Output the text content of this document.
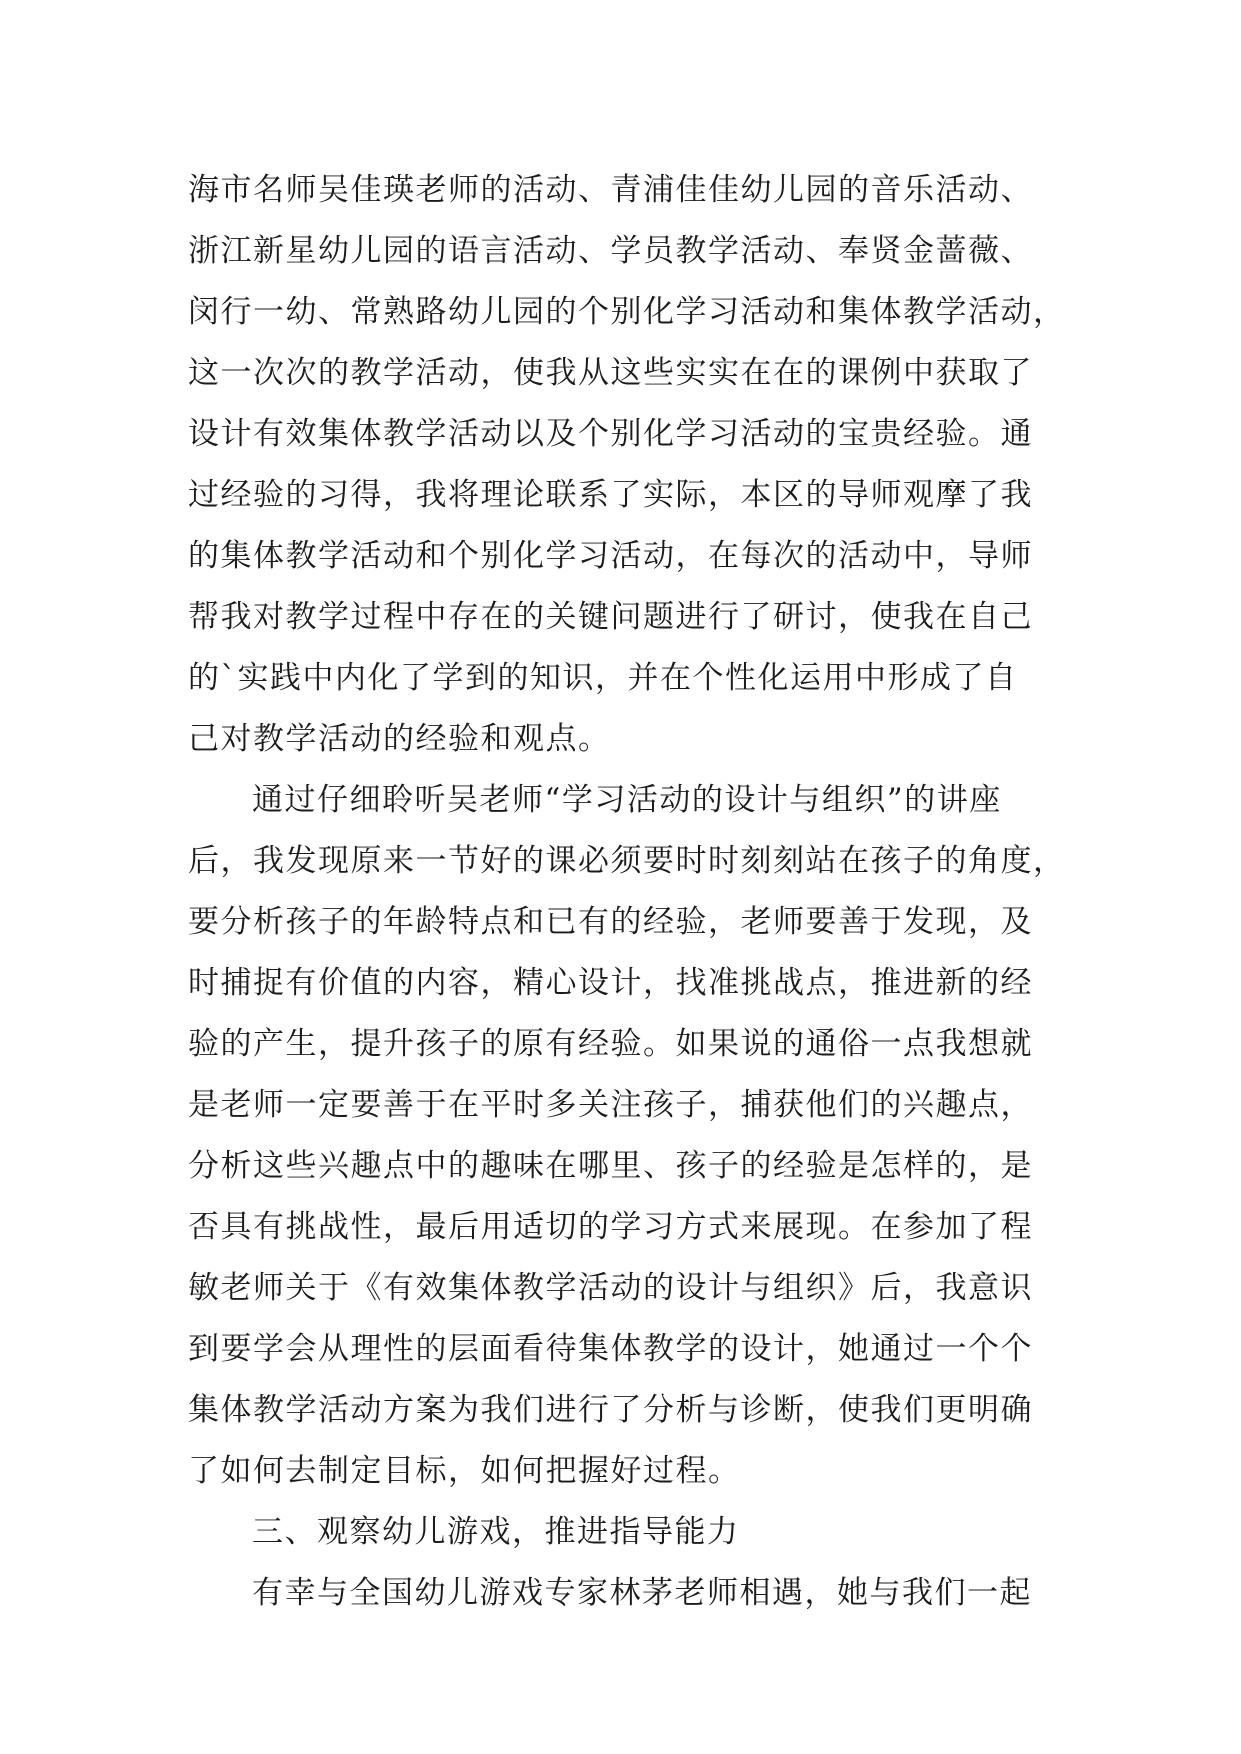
海市名师吴佳瑛老师的活动、青浦佳佳幼儿园的音乐活动、
浙江新星幼儿园的语言活动、学员教学活动、奉贤金蔷薇、
闵行一幼、常熟路幼儿园的个别化学习活动和集体教学活动，
这一次次的教学活动，使我从这些实实在在的课例中获取了
设计有效集体教学活动以及个别化学习活动的宝贵经验。通
过经验的习得，我将理论联系了实际，本区的导师观摩了我
的集体教学活动和个别化学习活动，在每次的活动中，导师
帮我对教学过程中存在的关键问题进行了研讨，使我在自己
的`实践中内化了学到的知识，并在个性化运用中形成了自
己对教学活动的经验和观点。
通过仔细聆听吴老师“学习活动的设计与组织”的讲座
后，我发现原来一节好的课必须要时时刻刻站在孩子的角度，
要分析孩子的年龄特点和已有的经验，老师要善于发现，及
时捕捉有价值的内容，精心设计，找准挑战点，推进新的经
验的产生，提升孩子的原有经验。如果说的通俗一点我想就
是老师一定要善于在平时多关注孩子，捕获他们的兴趣点，
分析这些兴趣点中的趣味在哪里、孩子的经验是怎样的，是
否具有挑战性，最后用适切的学习方式来展现。在参加了程
敏老师关于《有效集体教学活动的设计与组织》后，我意识
到要学会从理性的层面看待集体教学的设计，她通过一个个
集体教学活动方案为我们进行了分析与诊断，使我们更明确
了如何去制定目标，如何把握好过程。
三、观察幼儿游戏，推进指导能力
有幸与全国幼儿游戏专家林茅老师相遇，她与我们一起
